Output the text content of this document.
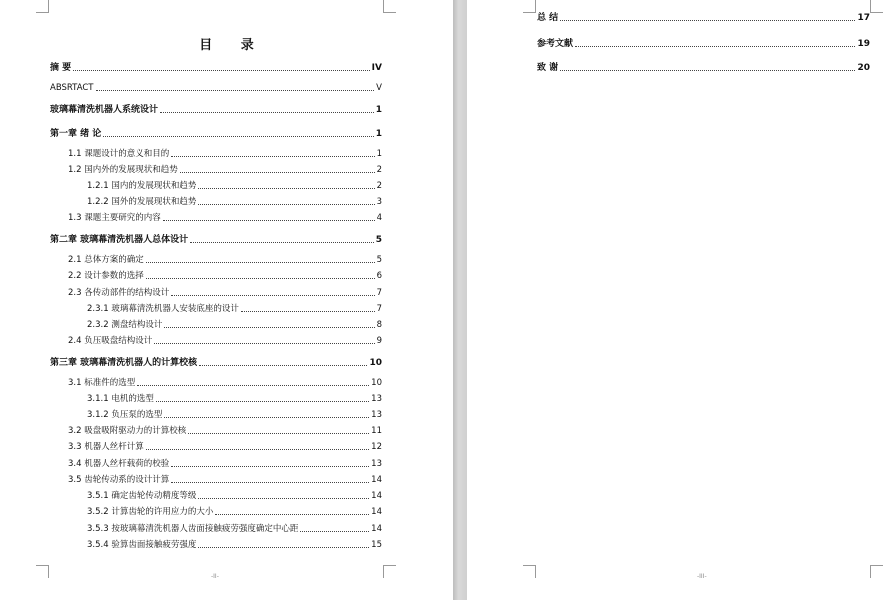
目 录
摘 要	IV
ABSRTACT	V
玻璃幕清洗机器人系统设计	1
第一章 绪 论	1
1.1 课题设计的意义和目的	1
1.2 国内外的发展现状和趋势	2
1.2.1 国内的发展现状和趋势	2
1.2.2 国外的发展现状和趋势	3
1.3 课题主要研究的内容	4
第二章 玻璃幕清洗机器人总体设计	5
2.1 总体方案的确定	5
2.2 设计参数的选择	6
2.3 各传动部件的结构设计	7
2.3.1 玻璃幕清洗机器人安装底座的设计	7
2.3.2 测盘结构设计	8
2.4 负压吸盘结构设计	9
第三章 玻璃幕清洗机器人的计算校核	10
3.1 标准件的选型	10
3.1.1 电机的选型	13
3.1.2 负压泵的选型	13
3.2 吸盘吸附驱动力的计算校核	11
3.3 机器人丝杆计算	12
3.4 机器人丝杆载荷的校验	13
3.5 齿轮传动系的设计计算	14
3.5.1 确定齿轮传动精度等级	14
3.5.2 计算齿轮的许用应力的大小	14
3.5.3 按玻璃幕清洗机器人齿面接触疲劳强度确定中心距	14
3.5.4 验算齿面接触疲劳强度	15
-II-
总 结	17
参考文献	19
致 谢	20
-III-
